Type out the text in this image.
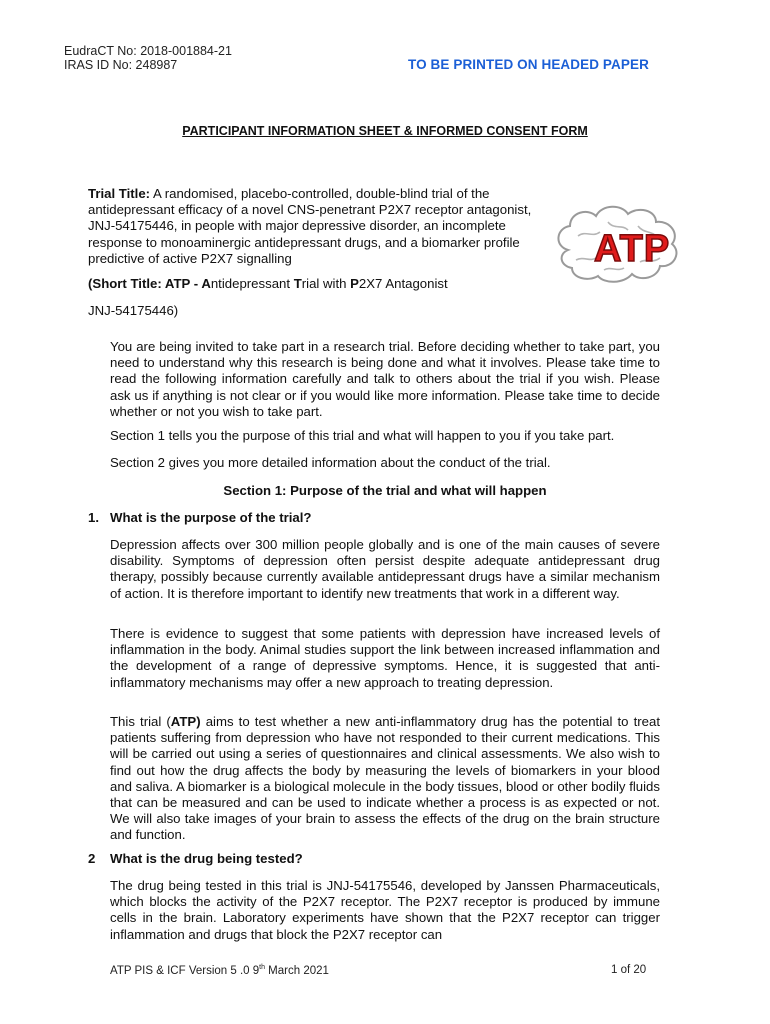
EudraCT No: 2018-001884-21
IRAS ID No: 248987	TO BE PRINTED ON HEADED PAPER
PARTICIPANT INFORMATION SHEET & INFORMED CONSENT FORM
Trial Title: A randomised, placebo-controlled, double-blind trial of the antidepressant efficacy of a novel CNS-penetrant P2X7 receptor antagonist, JNJ-54175446, in people with major depressive disorder, an incomplete response to monoaminergic antidepressant drugs, and a biomarker profile predictive of active P2X7 signalling	ATP
(Short Title: ATP - Antidepressant Trial with P2X7 Antagonist
JNJ-54175446)
You are being invited to take part in a research trial. Before deciding whether to take part, you need to understand why this research is being done and what it involves. Please take time to read the following information carefully and talk to others about the trial if you wish. Please ask us if anything is not clear or if you would like more information. Please take time to decide whether or not you wish to take part.
Section 1 tells you the purpose of this trial and what will happen to you if you take part.
Section 2 gives you more detailed information about the conduct of the trial.
Section 1: Purpose of the trial and what will happen
1. What is the purpose of the trial?
Depression affects over 300 million people globally and is one of the main causes of severe disability. Symptoms of depression often persist despite adequate antidepressant drug therapy, possibly because currently available antidepressant drugs have a similar mechanism of action. It is therefore important to identify new treatments that work in a different way.
There is evidence to suggest that some patients with depression have increased levels of inflammation in the body. Animal studies support the link between increased inflammation and the development of a range of depressive symptoms. Hence, it is suggested that anti-inflammatory mechanisms may offer a new approach to treating depression.
This trial (ATP) aims to test whether a new anti-inflammatory drug has the potential to treat patients suffering from depression who have not responded to their current medications. This will be carried out using a series of questionnaires and clinical assessments. We also wish to find out how the drug affects the body by measuring the levels of biomarkers in your blood and saliva. A biomarker is a biological molecule in the body tissues, blood or other bodily fluids that can be measured and can be used to indicate whether a process is as expected or not. We will also take images of your brain to assess the effects of the drug on the brain structure and function.
2 What is the drug being tested?
The drug being tested in this trial is JNJ-54175546, developed by Janssen Pharmaceuticals, which blocks the activity of the P2X7 receptor. The P2X7 receptor is produced by immune cells in the brain. Laboratory experiments have shown that the P2X7 receptor can trigger inflammation and drugs that block the P2X7 receptor can
ATP PIS & ICF Version 5 .0 9th March 2021	1 of 20
